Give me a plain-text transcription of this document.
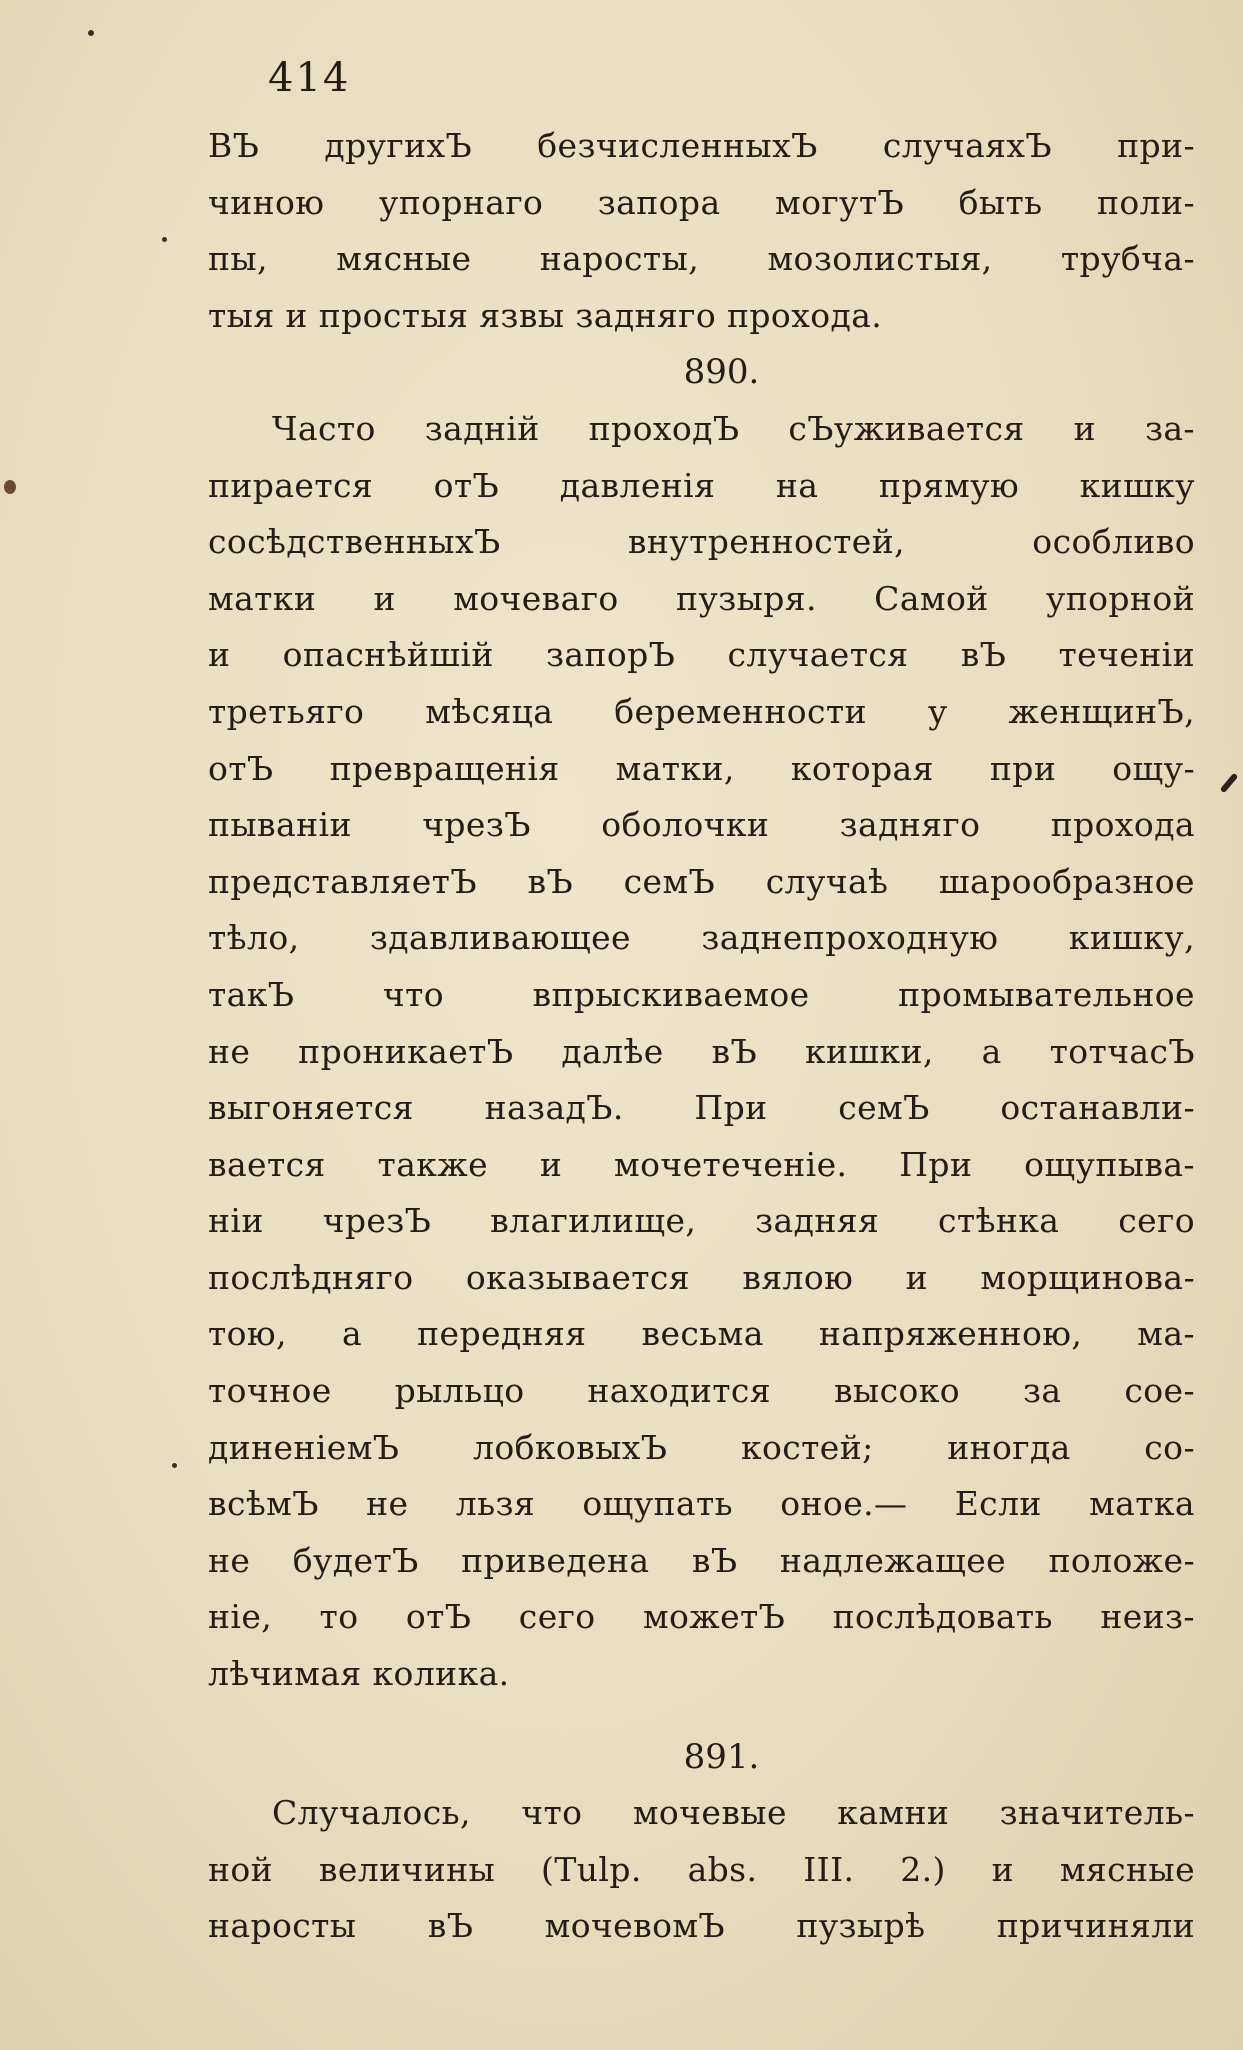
414
ВЪ другихЪ безчисленныхЪ случаяхЪ при-
чиною упорнаго запора могутЪ быть поли-
пы, мясные наросты, мозолистыя, трубча-
тыя и простыя язвы задняго прохода.
890.
Часто задній проходЪ сЪуживается и за-
пирается отЪ давленія на прямую кишку
сосѣдственныхЪ внутренностей, особливо
матки и мочеваго пузыря. Самой упорной
и опаснѣйшій запорЪ случается вЪ теченіи
третьяго мѣсяца беременности у женщинЪ,
отЪ превращенія матки, которая при ощу-
пываніи чрезЪ оболочки задняго прохода
представляетЪ вЪ семЪ случаѣ шарообразное
тѣло, здавливающее заднепроходную кишку,
такЪ что впрыскиваемое промывательное
не проникаетЪ далѣе вЪ кишки, а тотчасЪ
выгоняется назадЪ. При семЪ останавли-
вается также и мочетеченіе. При ощупыва-
ніи чрезЪ влагилище, задняя стѣнка сего
послѣдняго оказывается вялою и морщинова-
тою, а передняя весьма напряженною, ма-
точное рыльцо находится высоко за сое-
диненіемЪ лобковыхЪ костей; иногда со-
всѣмЪ не льзя ощупать оное.— Если матка
не будетЪ приведена вЪ надлежащее положе-
ніе, то отЪ сего можетЪ послѣдовать неиз-
лѣчимая колика.
891.
Случалось, что мочевые камни значитель-
ной величины (Tulp. abs. III. 2.) и мясные
наросты вЪ мочевомЪ пузырѣ причиняли
